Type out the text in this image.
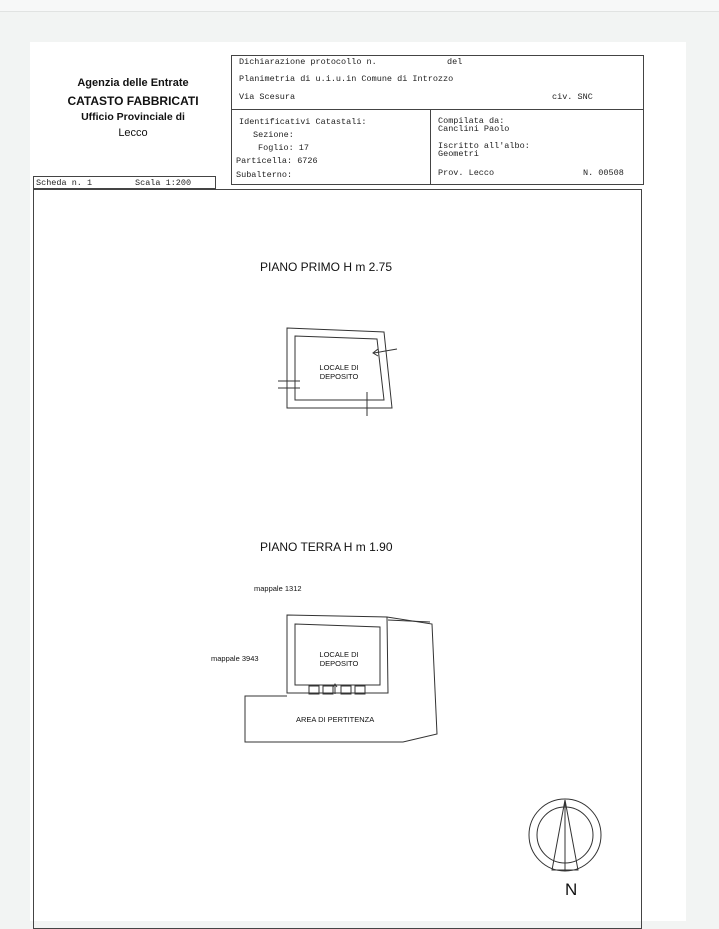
Agenzia delle Entrate
CATASTO FABBRICATI
Ufficio Provinciale di
Lecco
Dichiarazione protocollo n.	del
Planimetria di u.i.u.in Comune di Introzzo
Via Scesura	civ. SNC
Identificativi Catastali:
Sezione:
Foglio: 17
Particella: 6726
Subalterno:
Compilata da:
Canclini Paolo
Iscritto all'albo:
Geometri
Prov. Lecco	N. 00508
Scheda n. 1	Scala 1:200
PIANO PRIMO H m 2.75
PIANO TERRA H m 1.90
LOCALE DI
DEPOSITO
mappale 1312
mappale 3943	LOCALE DI
DEPOSITO
AREA DI PERTITENZA
N
